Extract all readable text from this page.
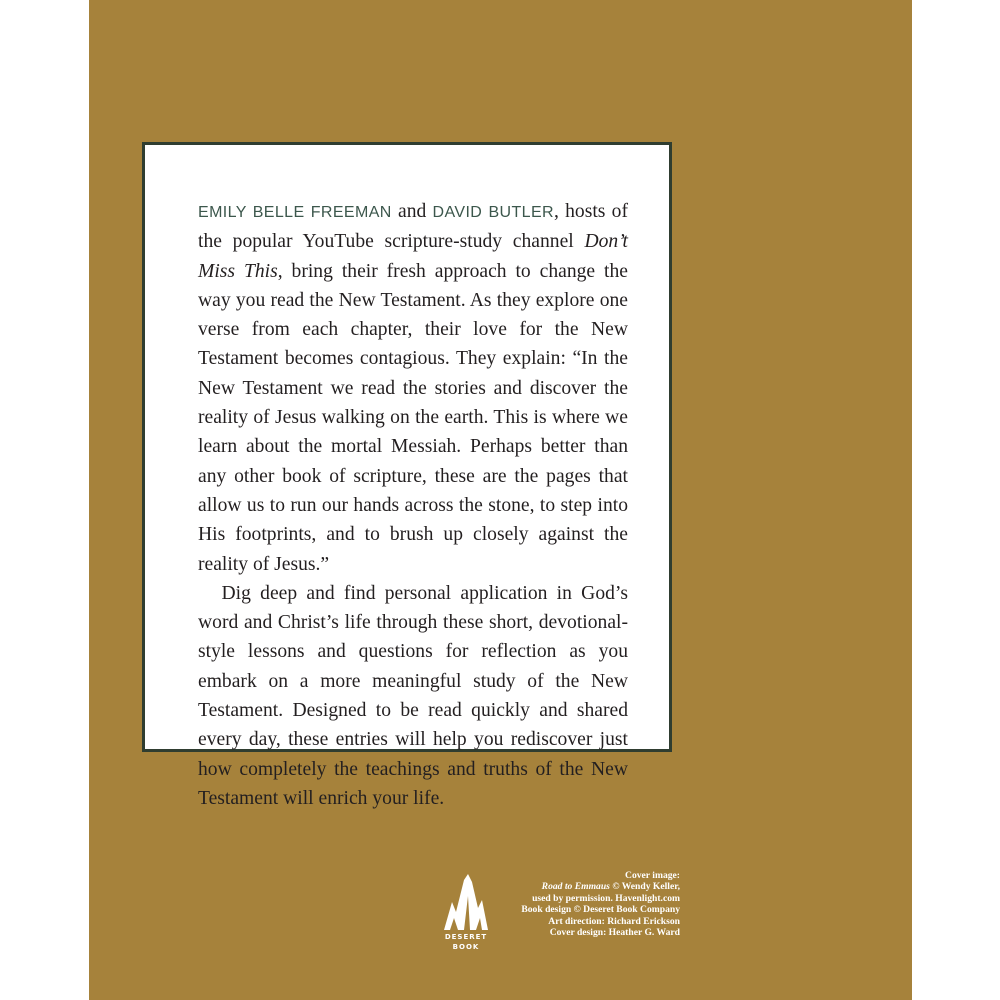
EMILY BELLE FREEMAN and DAVID BUTLER, hosts of the popular YouTube scripture-study channel Don’t Miss This, bring their fresh approach to change the way you read the New Testament. As they explore one verse from each chapter, their love for the New Testament becomes contagious. They explain: “In the New Testament we read the stories and discover the reality of Jesus walking on the earth. This is where we learn about the mortal Messiah. Perhaps better than any other book of scripture, these are the pages that allow us to run our hands across the stone, to step into His footprints, and to brush up closely against the reality of Jesus.”

Dig deep and find personal application in God’s word and Christ’s life through these short, devotional-style lessons and questions for reflection as you embark on a more meaningful study of the New Testament. Designed to be read quickly and shared every day, these entries will help you rediscover just how completely the teachings and truths of the New Testament will enrich your life.

DESERET
BOOK
Cover image:
Road to Emmaus © Wendy Keller,
used by permission. Havenlight.com
Book design © Deseret Book Company
Art direction: Richard Erickson
Cover design: Heather G. Ward
